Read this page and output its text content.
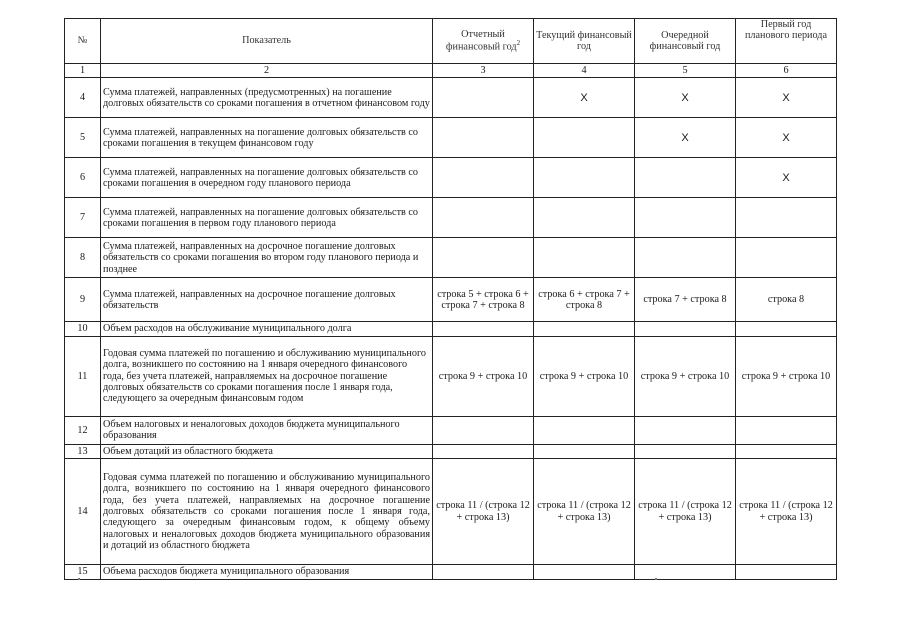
№	Показатель	Отчетный финансовый год$^2$	Текущий финансовый год	Очередной финансовый год	Первый год планового периода
1	2	3	4	5	6
4	Сумма платежей, направленных (предусмотренных) на погашение долговых обязательств со сроками погашения в отчетном финансовом году		X	X	X
5	Сумма платежей, направленных на погашение долговых обязательств со сроками погашения в текущем финансовом году			X	X
6	Сумма платежей, направленных на погашение долговых обязательств со сроками погашения в очередном году планового периода				X
7	Сумма платежей, направленных на погашение долговых обязательств со сроками погашения в первом году планового периода				
8	Сумма платежей, направленных на досрочное погашение долговых обязательств со сроками погашения во втором году планового периода и позднее				
9	Сумма платежей, направленных на досрочное погашение долговых обязательств	строка 5 + строка 6 + строка 7 + строка 8	строка 6 + строка 7 + строка 8	строка 7 + строка 8	строка 8
10	Объем расходов на обслуживание муниципального долга				
11	Годовая сумма платежей по погашению и обслуживанию муниципального долга, возникшего по состоянию на 1 января очередного финансового года, без учета платежей, направляемых на досрочное погашение долговых обязательств со сроками погашения после 1 января года, следующего за очередным финансовым годом	строка 9 + строка 10	строка 9 + строка 10	строка 9 + строка 10	строка 9 + строка 10
12	Объем налоговых и неналоговых доходов бюджета муниципального образования				
13	Объем дотаций из областного бюджета				
14	Годовая сумма платежей по погашению и обслуживанию муниципального долга, возникшего по состоянию на 1 января очередного финансового года, без учета платежей, направляемых на досрочное погашение долговых обязательств со сроками погашения после 1 января года, следующего за очередным финансовым годом, к общему объему налоговых и неналоговых доходов бюджета муниципального образования и дотаций из областного бюджета	строка 11 / (строка 12 + строка 13)	строка 11 / (строка 12 + строка 13)	строка 11 / (строка 12 + строка 13)	строка 11 / (строка 12 + строка 13)
15	Объема расходов бюджета муниципального образования				
